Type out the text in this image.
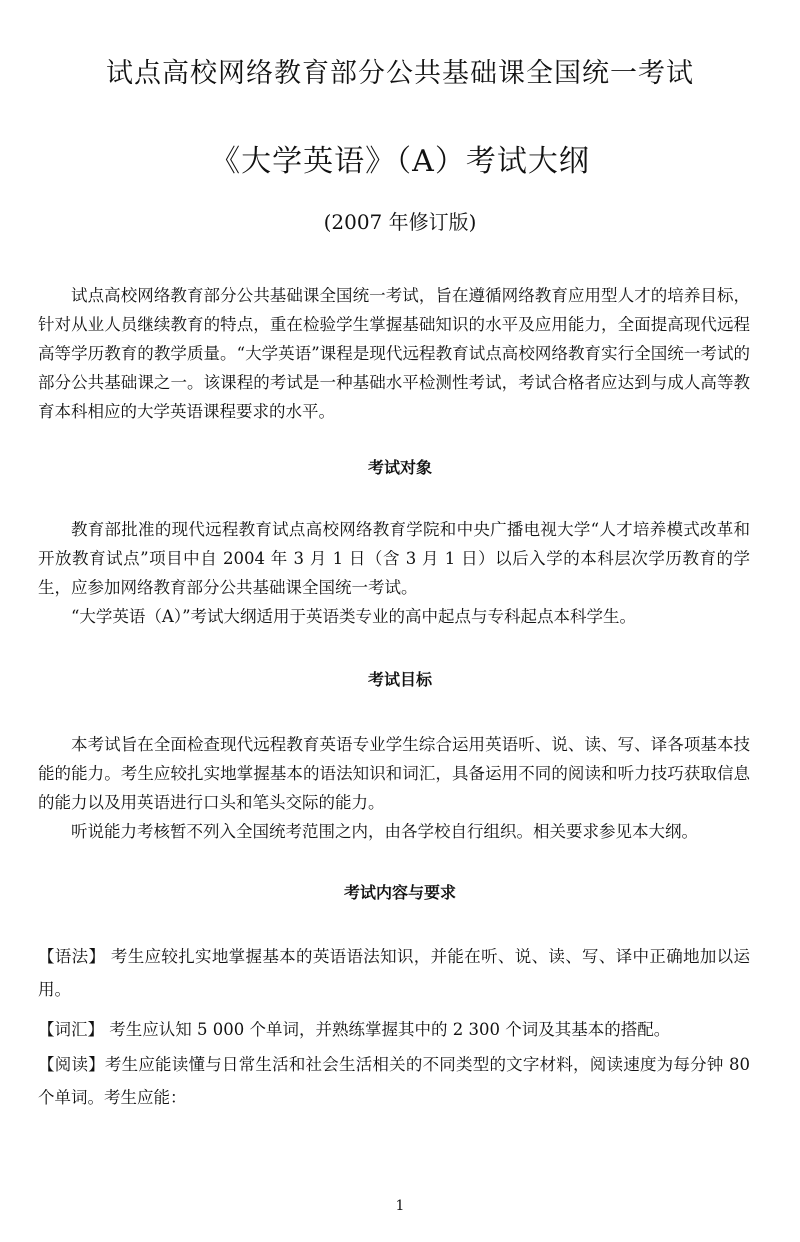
试点高校网络教育部分公共基础课全国统一考试
《大学英语》（A）考试大纲
(2007 年修订版)

试点高校网络教育部分公共基础课全国统一考试，旨在遵循网络教育应用型人才的培养目标，针对从业人员继续教育的特点，重在检验学生掌握基础知识的水平及应用能力，全面提高现代远程高等学历教育的教学质量。“大学英语”课程是现代远程教育试点高校网络教育实行全国统一考试的部分公共基础课之一。该课程的考试是一种基础水平检测性考试，考试合格者应达到与成人高等教育本科相应的大学英语课程要求的水平。

考试对象

教育部批准的现代远程教育试点高校网络教育学院和中央广播电视大学“人才培养模式改革和开放教育试点”项目中自 2004 年 3 月 1 日（含 3 月 1 日）以后入学的本科层次学历教育的学生，应参加网络教育部分公共基础课全国统一考试。

“大学英语（A）”考试大纲适用于英语类专业的高中起点与专科起点本科学生。

考试目标

本考试旨在全面检查现代远程教育英语专业学生综合运用英语听、说、读、写、译各项基本技能的能力。考生应较扎实地掌握基本的语法知识和词汇，具备运用不同的阅读和听力技巧获取信息的能力以及用英语进行口头和笔头交际的能力。

听说能力考核暂不列入全国统考范围之内，由各学校自行组织。相关要求参见本大纲。

考试内容与要求

【语法】 考生应较扎实地掌握基本的英语语法知识，并能在听、说、读、写、译中正确地加以运用。

【词汇】 考生应认知 5 000 个单词，并熟练掌握其中的 2 300 个词及其基本的搭配。

【阅读】考生应能读懂与日常生活和社会生活相关的不同类型的文字材料，阅读速度为每分钟 80 个单词。考生应能：

1
